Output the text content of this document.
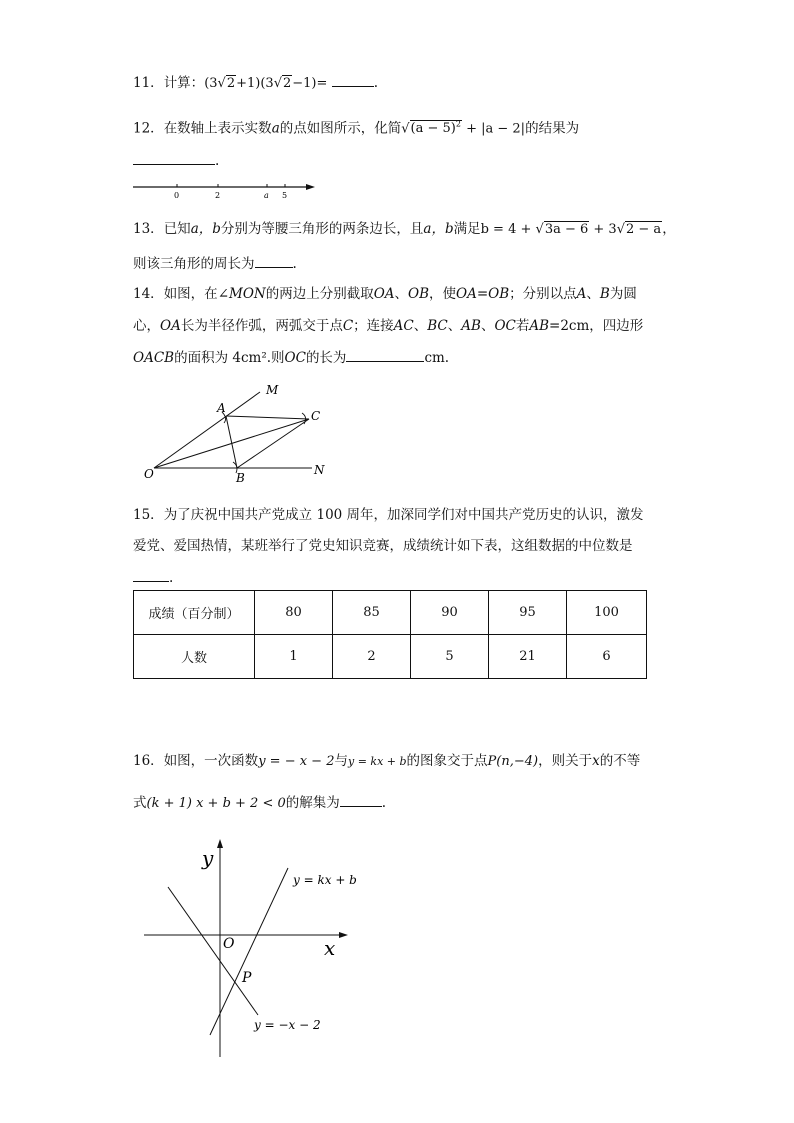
11．计算：(3√2+1)(3√2−1)=	.
12．在数轴上表示实数a的点如图所示，化简$√(a - 5)^2 + |a - 2|$的结果为
.
0	2	a 5
13．已知a，b分别为等腰三角形的两条边长，且a，b满足b = 4 + √3a − 6 + 3√2 − a，
则该三角形的周长为	.
14．如图，在∠MON的两边上分别截取OA、OB，使OA=OB；分别以点A、B为圆
心，OA长为半径作弧，两弧交于点C；连接AC、BC、AB、OC若AB=2cm，四边形
OACB的面积为 4cm².则OC的长为	cm.
M
A
C
O	B
N
15．为了庆祝中国共产党成立 100 周年，加深同学们对中国共产党历史的认识，激发
爱党、爱国热情，某班举行了党史知识竞赛，成绩统计如下表，这组数据的中位数是
.
成绩（百分制）	80	85	90	95	100
人数	1	2	5	21	6
16．如图，一次函数y = − x − 2与y = kx + b的图象交于点P(n,−4)，则关于x的不等
式(k + 1) x + b + 2 < 0的解集为	.
y
x
O
P
y = kx + b
y = −x − 2
